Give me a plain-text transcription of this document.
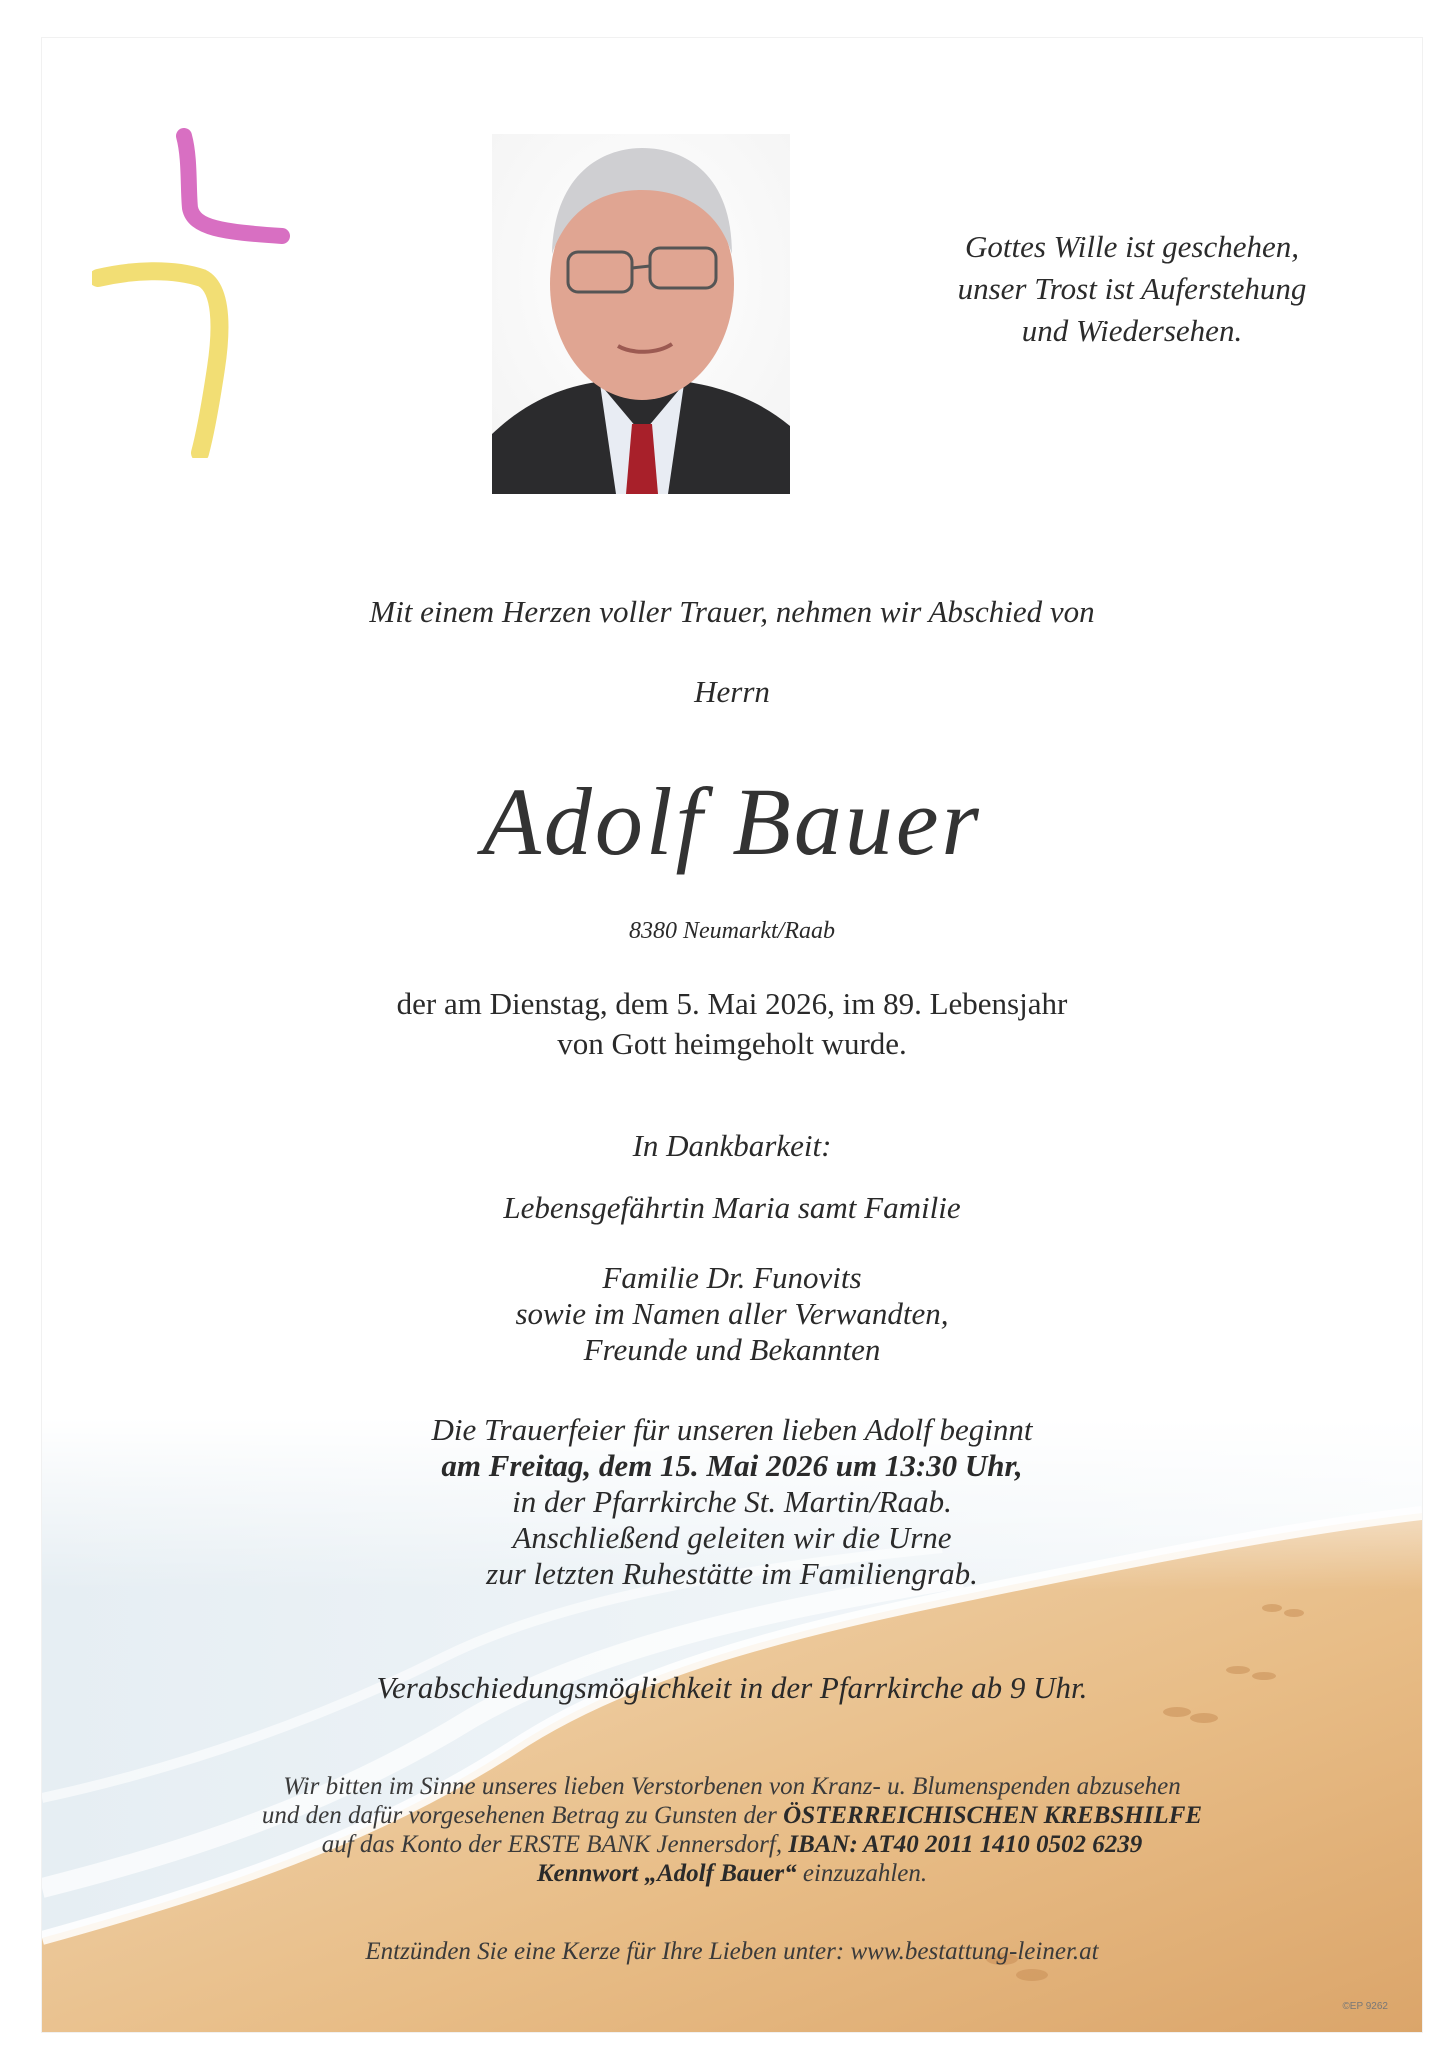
Gottes Wille ist geschehen,
unser Trost ist Auferstehung
und Wiedersehen.
Mit einem Herzen voller Trauer, nehmen wir Abschied von
Herrn
Adolf Bauer
8380 Neumarkt/Raab
der am Dienstag, dem 5. Mai 2026, im 89. Lebensjahr
von Gott heimgeholt wurde.
In Dankbarkeit:
Lebensgefährtin Maria samt Familie
Familie Dr. Funovits
sowie im Namen aller Verwandten,
Freunde und Bekannten
Die Trauerfeier für unseren lieben Adolf beginnt
am Freitag, dem 15. Mai 2026 um 13:30 Uhr,
in der Pfarrkirche St. Martin/Raab.
Anschließend geleiten wir die Urne
zur letzten Ruhestätte im Familiengrab.
Verabschiedungsmöglichkeit in der Pfarrkirche ab 9 Uhr.
Wir bitten im Sinne unseres lieben Verstorbenen von Kranz- u. Blumenspenden abzusehen
und den dafür vorgesehenen Betrag zu Gunsten der ÖSTERREICHISCHEN KREBSHILFE
auf das Konto der ERSTE BANK Jennersdorf, IBAN: AT40 2011 1410 0502 6239
Kennwort „Adolf Bauer“ einzuzahlen.
Entzünden Sie eine Kerze für Ihre Lieben unter: www.bestattung-leiner.at
©EP 9262
